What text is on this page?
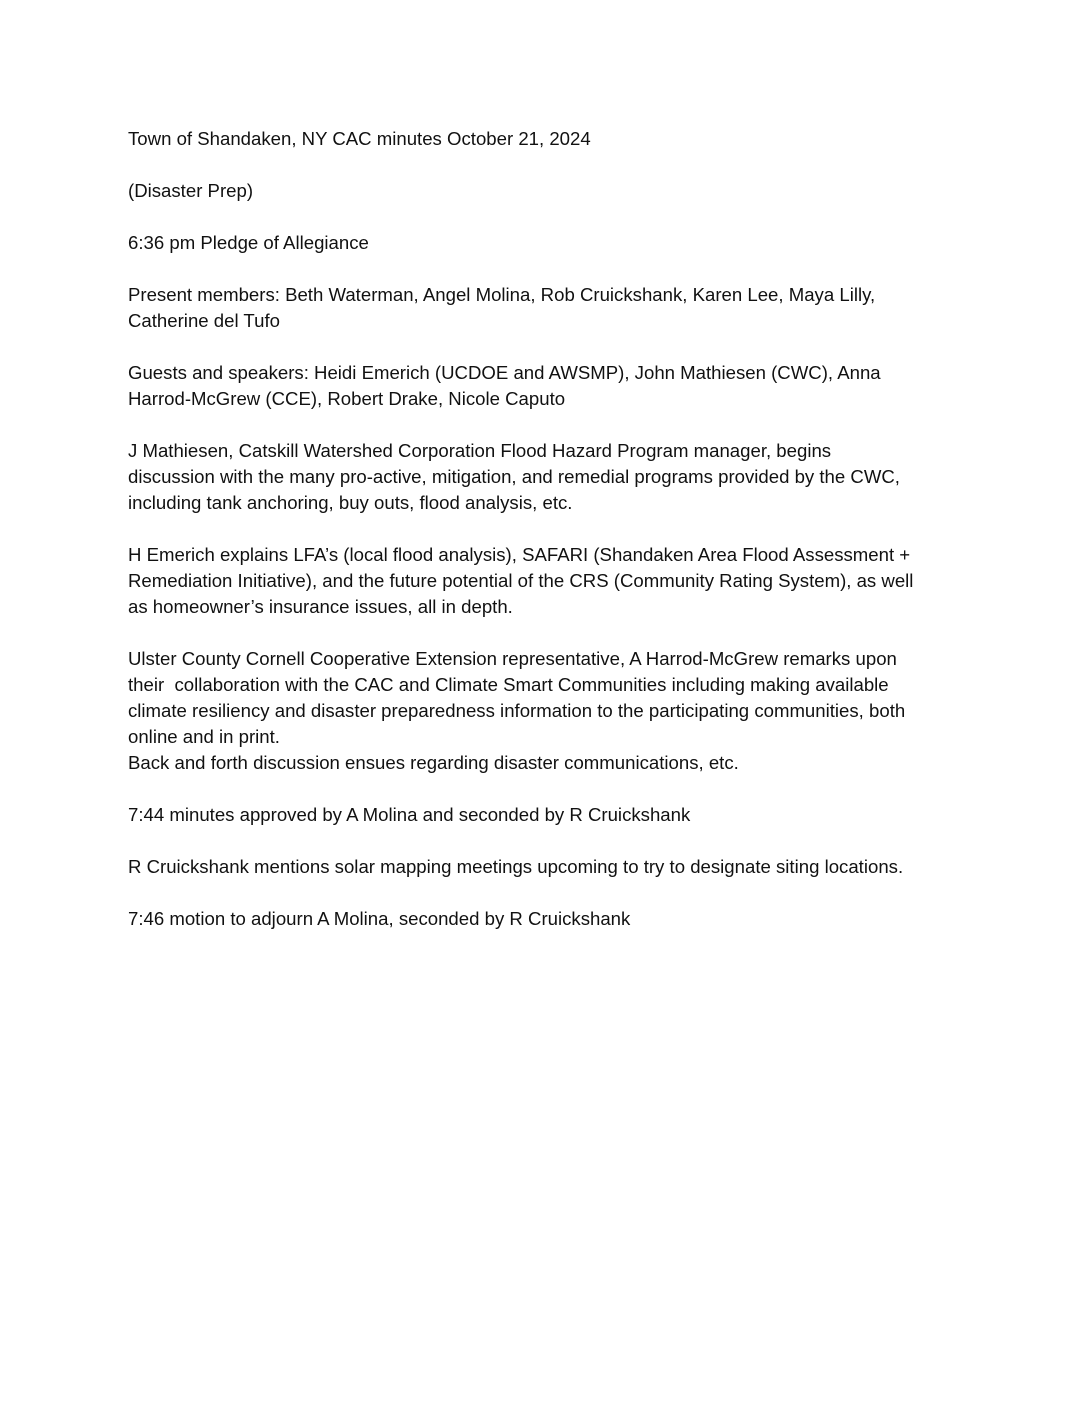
Town of Shandaken, NY CAC minutes October 21, 2024

(Disaster Prep)

6:36 pm Pledge of Allegiance

Present members: Beth Waterman, Angel Molina, Rob Cruickshank, Karen Lee, Maya Lilly,
Catherine del Tufo

Guests and speakers: Heidi Emerich (UCDOE and AWSMP), John Mathiesen (CWC), Anna
Harrod-McGrew (CCE), Robert Drake, Nicole Caputo

J Mathiesen, Catskill Watershed Corporation Flood Hazard Program manager, begins
discussion with the many pro-active, mitigation, and remedial programs provided by the CWC,
including tank anchoring, buy outs, flood analysis, etc.

H Emerich explains LFA’s (local flood analysis), SAFARI (Shandaken Area Flood Assessment +
Remediation Initiative), and the future potential of the CRS (Community Rating System), as well
as homeowner’s insurance issues, all in depth.

Ulster County Cornell Cooperative Extension representative, A Harrod-McGrew remarks upon
their  collaboration with the CAC and Climate Smart Communities including making available
climate resiliency and disaster preparedness information to the participating communities, both
online and in print.
Back and forth discussion ensues regarding disaster communications, etc.

7:44 minutes approved by A Molina and seconded by R Cruickshank

R Cruickshank mentions solar mapping meetings upcoming to try to designate siting locations.

7:46 motion to adjourn A Molina, seconded by R Cruickshank
